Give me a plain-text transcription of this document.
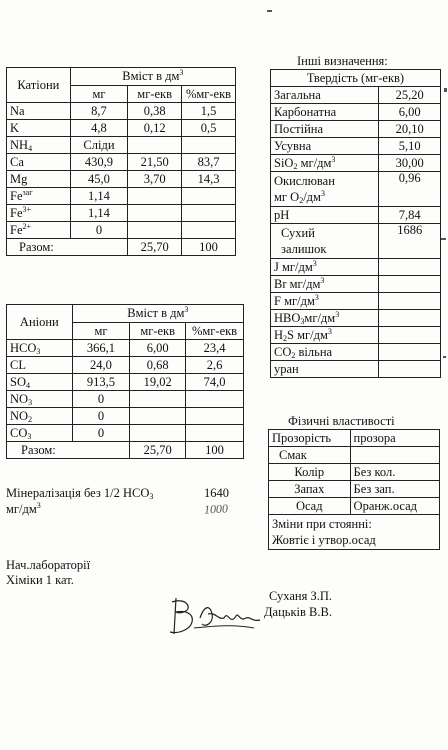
Катіони	Вміст в $дм^3$
	мг	мг-екв	%мг-екв
Na	8,7	0,38	1,5
K	4,8	0,12	0,5
$NH_4$	Сліди		
Ca	430,9	21,50	83,7
Mg	45,0	3,70	14,3
$Fe^{заг}$	1,14		
$Fe^{3+}$	1,14		
$Fe^{2+}$	0		
Разом:		25,70	100
Аніони	Вміст в $дм^3$
	мг	мг-екв	%мг-екв
$HCO_3$	366,1	6,00	23,4
CL	24,0	0,68	2,6
$SO_4$	913,5	19,02	74,0
$NO_3$	0		
$NO_2$	0		
$CO_3$	0		
Разом:		25,70	100
Інші визначення:
Твердість (мг-екв)	
Загальна	25,20
Карбонатна	6,00
Постійна	20,10
Усувна	5,10
SiO$_2$ $мг/дм^3$	30,00
Окислюван
мг $O_2/дм^3$	0,96
pH	7,84
Сухий
залишок	1686
J $мг/дм^3$	
Br $мг/дм^3$	
F $мг/дм^3$	
$HBO_3мг/дм^3$	
$H_2S$ $мг/дм^3$	
$CO_2$ вільна	
уран	
Фізичні властивості
Прозорість	прозора
Смак	
Колір	Без кол.
Запах	Без зап.
Осад	Оранж.осад
Зміни при стоянні:
Жовтіє і утвор.осад	
Мінералізація без 1/2 $HCO_3$	1640
$мг/дм^3$	1000
Нач.лабораторії
Хіміки 1 кат.
Суханя З.П.
Дацьків В.В.
